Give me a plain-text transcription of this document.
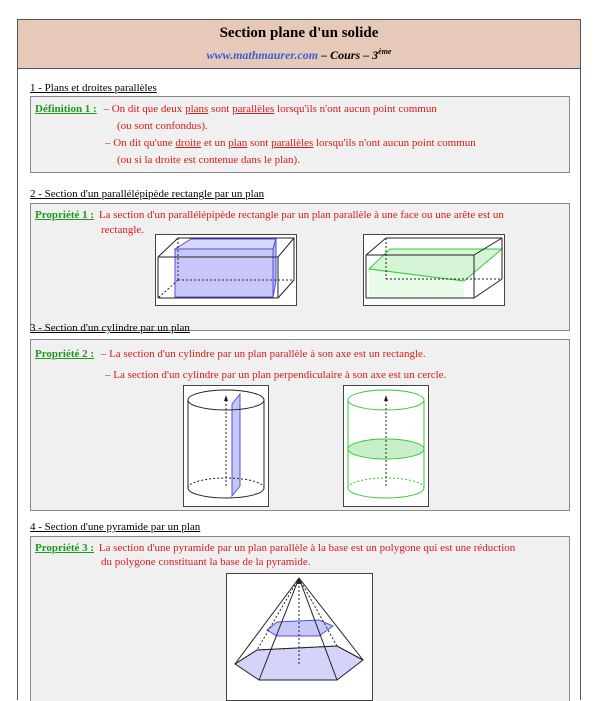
Section plane d'un solide
www.mathmaurer.com – Cours – 3ème
1 - Plans et droites parallèles
Définition 1 : – On dit que deux plans sont parallèles lorsqu'ils n'ont aucun point commun
(ou sont confondus).
– On dit qu'une droite et un plan sont parallèles lorsqu'ils n'ont aucun point commun
(ou si la droite est contenue dans le plan).
2 - Section d'un parallélépipède rectangle par un plan
Propriété 1 : La section d'un parallélépipède rectangle par un plan parallèle à une face ou une arête est un
rectangle.
3 - Section d'un cylindre par un plan
Propriété 2 : – La section d'un cylindre par un plan parallèle à son axe est un rectangle.
– La section d'un cylindre par un plan perpendiculaire à son axe est un cercle.
4 - Section d'une pyramide par un plan
Propriété 3 : La section d'une pyramide par un plan parallèle à la base est un polygone qui est une réduction
du polygone constituant la base de la pyramide.
